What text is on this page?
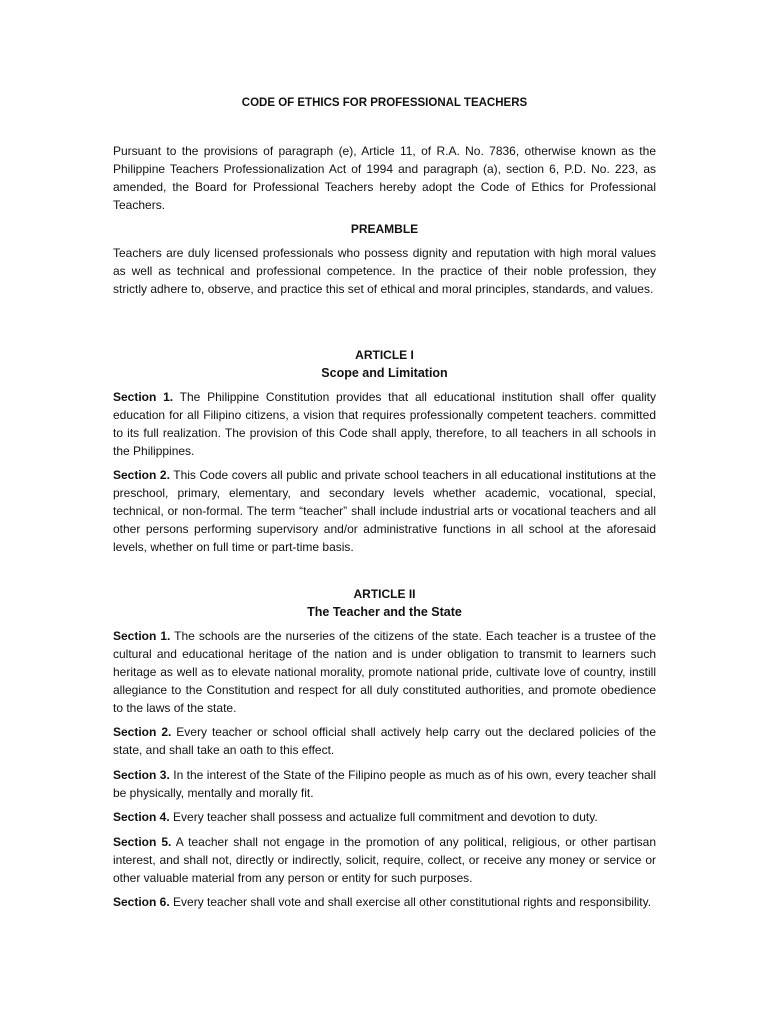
CODE OF ETHICS FOR PROFESSIONAL TEACHERS

Pursuant to the provisions of paragraph (e), Article 11, of R.A. No. 7836, otherwise known as the Philippine Teachers Professionalization Act of 1994 and paragraph (a), section 6, P.D. No. 223, as amended, the Board for Professional Teachers hereby adopt the Code of Ethics for Professional Teachers.

PREAMBLE

Teachers are duly licensed professionals who possess dignity and reputation with high moral values as well as technical and professional competence. In the practice of their noble profession, they strictly adhere to, observe, and practice this set of ethical and moral principles, standards, and values.

ARTICLE I
Scope and Limitation

Section 1. The Philippine Constitution provides that all educational institution shall offer quality education for all Filipino citizens, a vision that requires professionally competent teachers. committed to its full realization. The provision of this Code shall apply, therefore, to all teachers in all schools in the Philippines.

Section 2. This Code covers all public and private school teachers in all educational institutions at the preschool, primary, elementary, and secondary levels whether academic, vocational, special, technical, or non-formal. The term “teacher” shall include industrial arts or vocational teachers and all other persons performing supervisory and/or administrative functions in all school at the aforesaid levels, whether on full time or part-time basis.

ARTICLE II
The Teacher and the State

Section 1. The schools are the nurseries of the citizens of the state. Each teacher is a trustee of the cultural and educational heritage of the nation and is under obligation to transmit to learners such heritage as well as to elevate national morality, promote national pride, cultivate love of country, instill allegiance to the Constitution and respect for all duly constituted authorities, and promote obedience to the laws of the state.

Section 2. Every teacher or school official shall actively help carry out the declared policies of the state, and shall take an oath to this effect.

Section 3. In the interest of the State of the Filipino people as much as of his own, every teacher shall be physically, mentally and morally fit.

Section 4. Every teacher shall possess and actualize full commitment and devotion to duty.

Section 5. A teacher shall not engage in the promotion of any political, religious, or other partisan interest, and shall not, directly or indirectly, solicit, require, collect, or receive any money or service or other valuable material from any person or entity for such purposes.

Section 6. Every teacher shall vote and shall exercise all other constitutional rights and responsibility.
